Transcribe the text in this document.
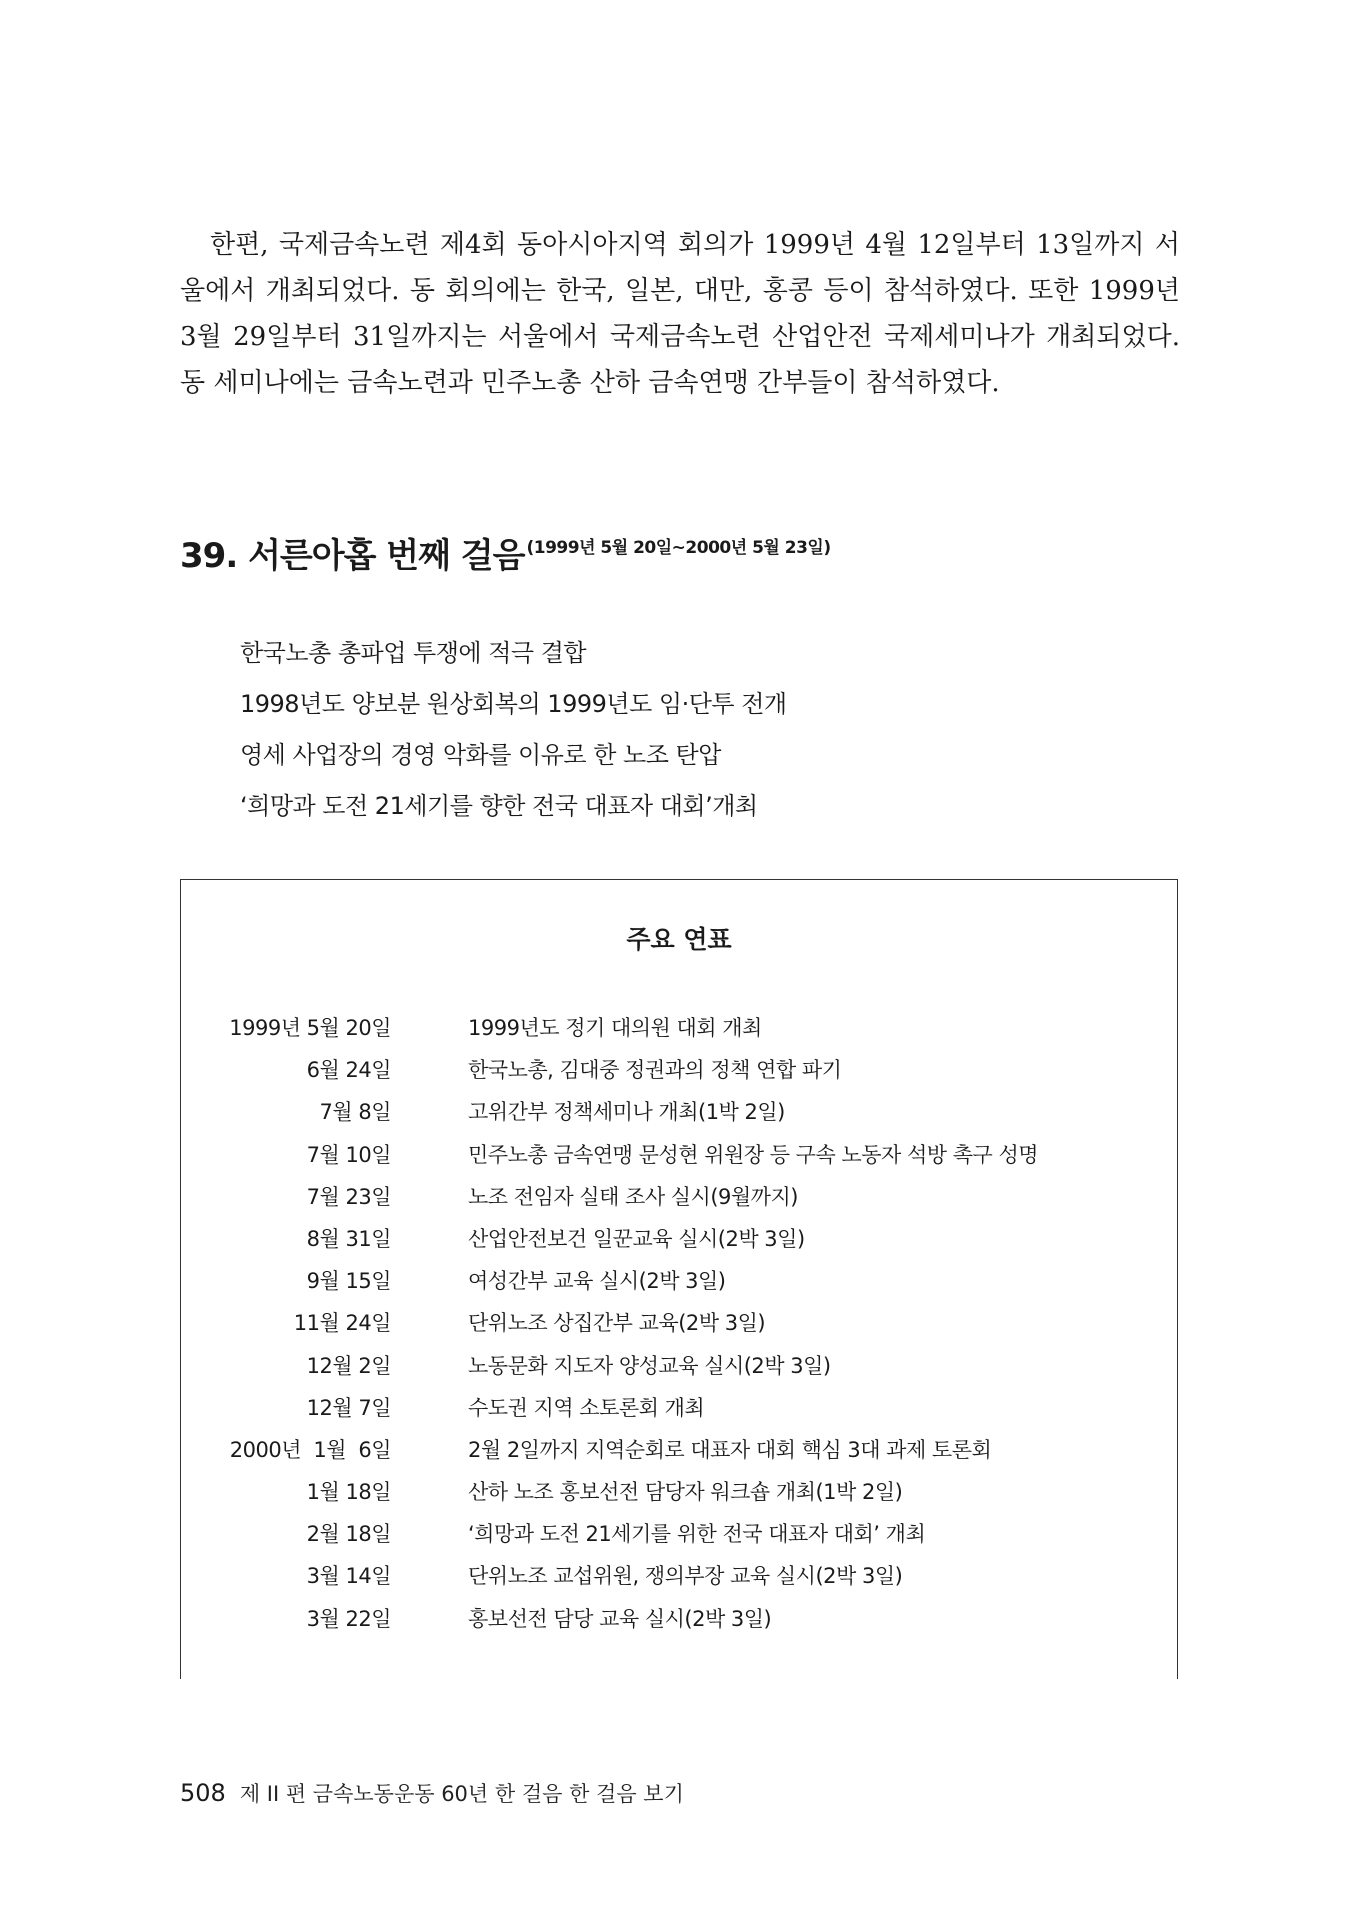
한편, 국제금속노련 제4회 동아시아지역 회의가 1999년 4월 12일부터 13일까지 서울에서 개최되었다. 동 회의에는 한국, 일본, 대만, 홍콩 등이 참석하였다. 또한 1999년 3월 29일부터 31일까지는 서울에서 국제금속노련 산업안전 국제세미나가 개최되었다. 동 세미나에는 금속노련과 민주노총 산하 금속연맹 간부들이 참석하였다.

39. 서른아홉 번째 걸음 $^{(1999년 5월 20일\sim 2000년 5월 23일)}$
한국노총 총파업 투쟁에 적극 결합
1998년도 양보분 원상회복의 1999년도 임·단투 전개
영세 사업장의 경영 악화를 이유로 한 노조 탄압
‘희망과 도전 21세기를 향한 전국 대표자 대회’개최
주요 연표
1999년 5월 20일	1999년도 정기 대의원 대회 개최
6월 24일	한국노총, 김대중 정권과의 정책 연합 파기
7월 8일	고위간부 정책세미나 개최(1박 2일)
7월 10일	민주노총 금속연맹 문성현 위원장 등 구속 노동자 석방 촉구 성명
7월 23일	노조 전임자 실태 조사 실시(9월까지)
8월 31일	산업안전보건 일꾼교육 실시(2박 3일)
9월 15일	여성간부 교육 실시(2박 3일)
11월 24일	단위노조 상집간부 교육(2박 3일)
12월 2일	노동문화 지도자 양성교육 실시(2박 3일)
12월 7일	수도권 지역 소토론회 개최
2000년  1월  6일	2월 2일까지 지역순회로 대표자 대회 핵심 3대 과제 토론회
1월 18일	산하 노조 홍보선전 담당자 워크숍 개최(1박 2일)
2월 18일	‘희망과 도전 21세기를 위한 전국 대표자 대회’ 개최
3월 14일	단위노조 교섭위원, 쟁의부장 교육 실시(2박 3일)
3월 22일	홍보선전 담당 교육 실시(2박 3일)
508 제 II 편 금속노동운동 60년 한 걸음 한 걸음 보기
